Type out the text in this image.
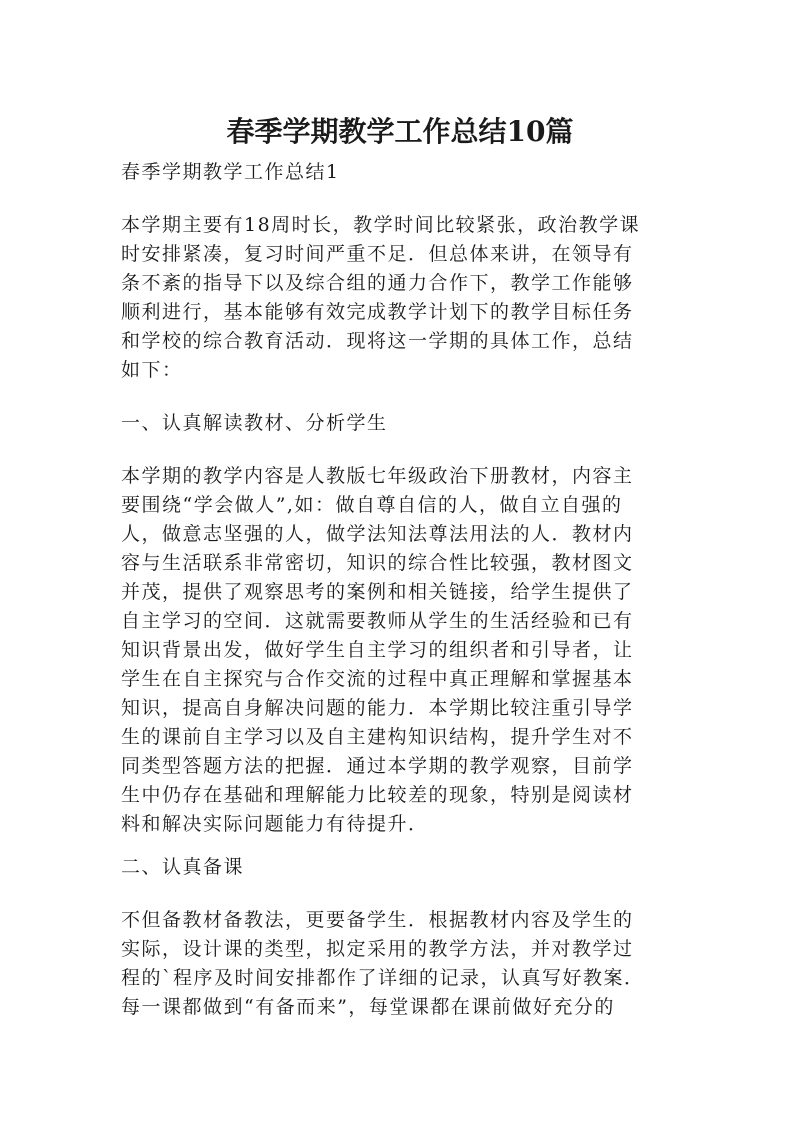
春季学期教学工作总结10篇
春季学期教学工作总结1
本学期主要有18周时长，教学时间比较紧张，政治教学课
时安排紧凑，复习时间严重不足．但总体来讲，在领导有
条不紊的指导下以及综合组的通力合作下，教学工作能够
顺利进行，基本能够有效完成教学计划下的教学目标任务
和学校的综合教育活动．现将这一学期的具体工作，总结
如下：
一、认真解读教材、分析学生
本学期的教学内容是人教版七年级政治下册教材，内容主
要围绕“学会做人”,如：做自尊自信的人，做自立自强的
人，做意志坚强的人，做学法知法尊法用法的人．教材内
容与生活联系非常密切，知识的综合性比较强，教材图文
并茂，提供了观察思考的案例和相关链接，给学生提供了
自主学习的空间．这就需要教师从学生的生活经验和已有
知识背景出发，做好学生自主学习的组织者和引导者，让
学生在自主探究与合作交流的过程中真正理解和掌握基本
知识，提高自身解决问题的能力．本学期比较注重引导学
生的课前自主学习以及自主建构知识结构，提升学生对不
同类型答题方法的把握．通过本学期的教学观察，目前学
生中仍存在基础和理解能力比较差的现象，特别是阅读材
料和解决实际问题能力有待提升．
二、认真备课
不但备教材备教法，更要备学生．根据教材内容及学生的
实际，设计课的类型，拟定采用的教学方法，并对教学过
程的`程序及时间安排都作了详细的记录，认真写好教案．
每一课都做到“有备而来”，每堂课都在课前做好充分的
